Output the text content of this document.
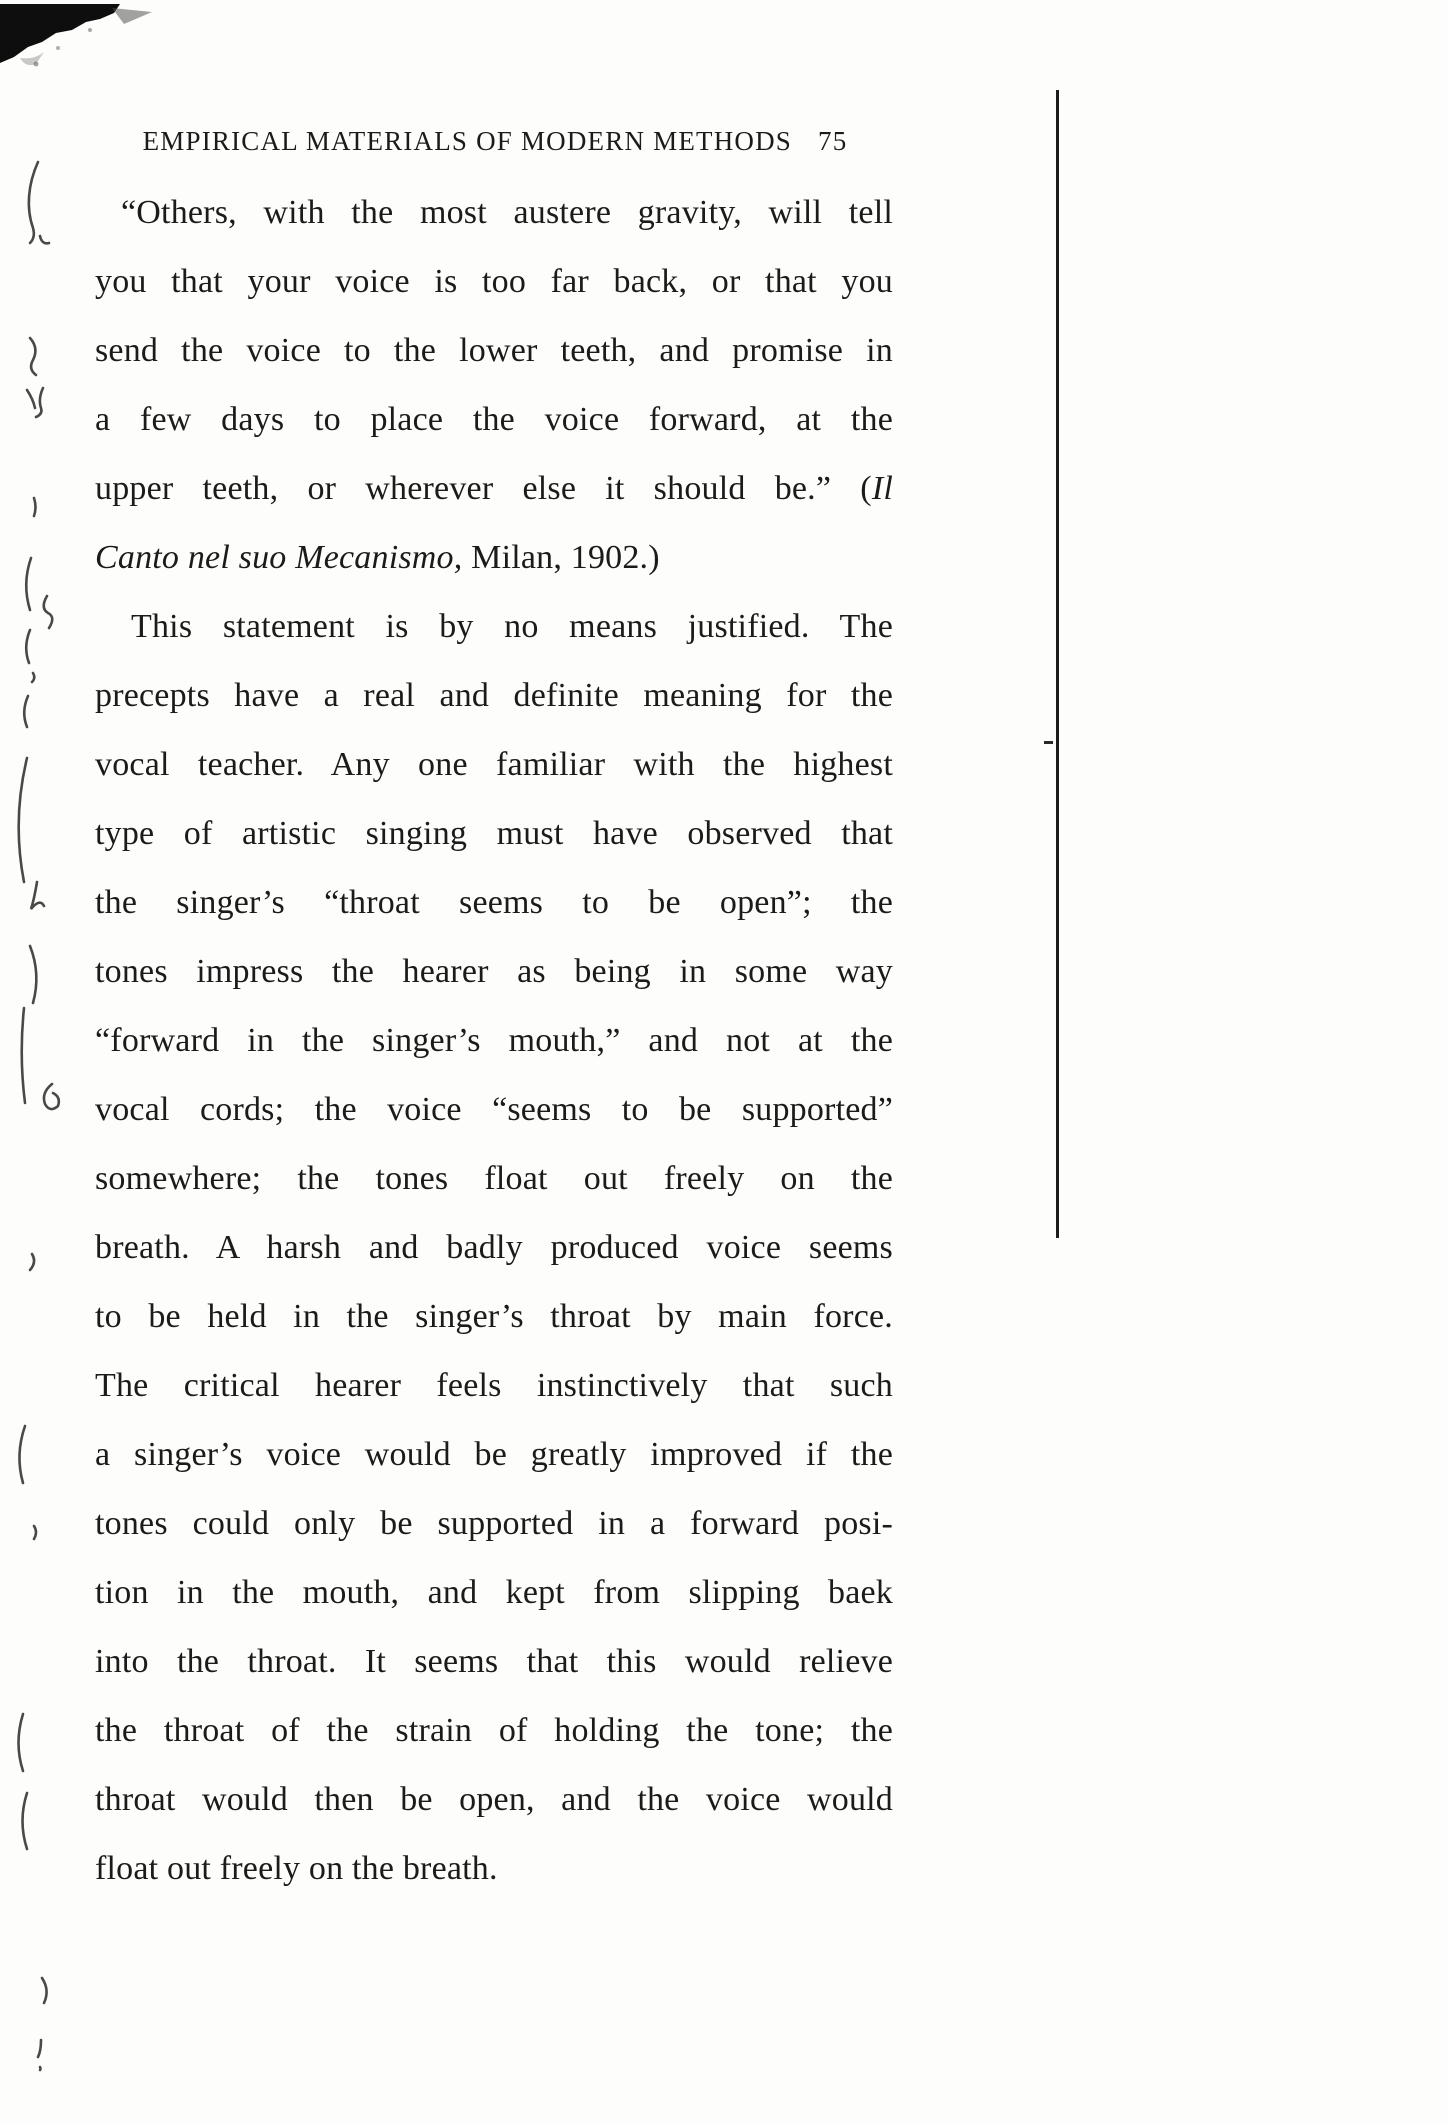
EMPIRICAL MATERIALS OF MODERN METHODS 75
“Others, with the most austere gravity, will tell
you that your voice is too far back, or that you
send the voice to the lower teeth, and promise in
a few days to place the voice forward, at the
upper teeth, or wherever else it should be.” (Il
Canto nel suo Mecanismo, Milan, 1902.)
This statement is by no means justified. The
precepts have a real and definite meaning for the
vocal teacher. Any one familiar with the highest
type of artistic singing must have observed that
the singer’s “throat seems to be open”; the
tones impress the hearer as being in some way
“forward in the singer’s mouth,” and not at the
vocal cords; the voice “seems to be supported”
somewhere; the tones float out freely on the
breath. A harsh and badly produced voice seems
to be held in the singer’s throat by main force.
The critical hearer feels instinctively that such
a singer’s voice would be greatly improved if the
tones could only be supported in a forward posi-
tion in the mouth, and kept from slipping baek
into the throat. It seems that this would relieve
the throat of the strain of holding the tone; the
throat would then be open, and the voice would
float out freely on the breath.
